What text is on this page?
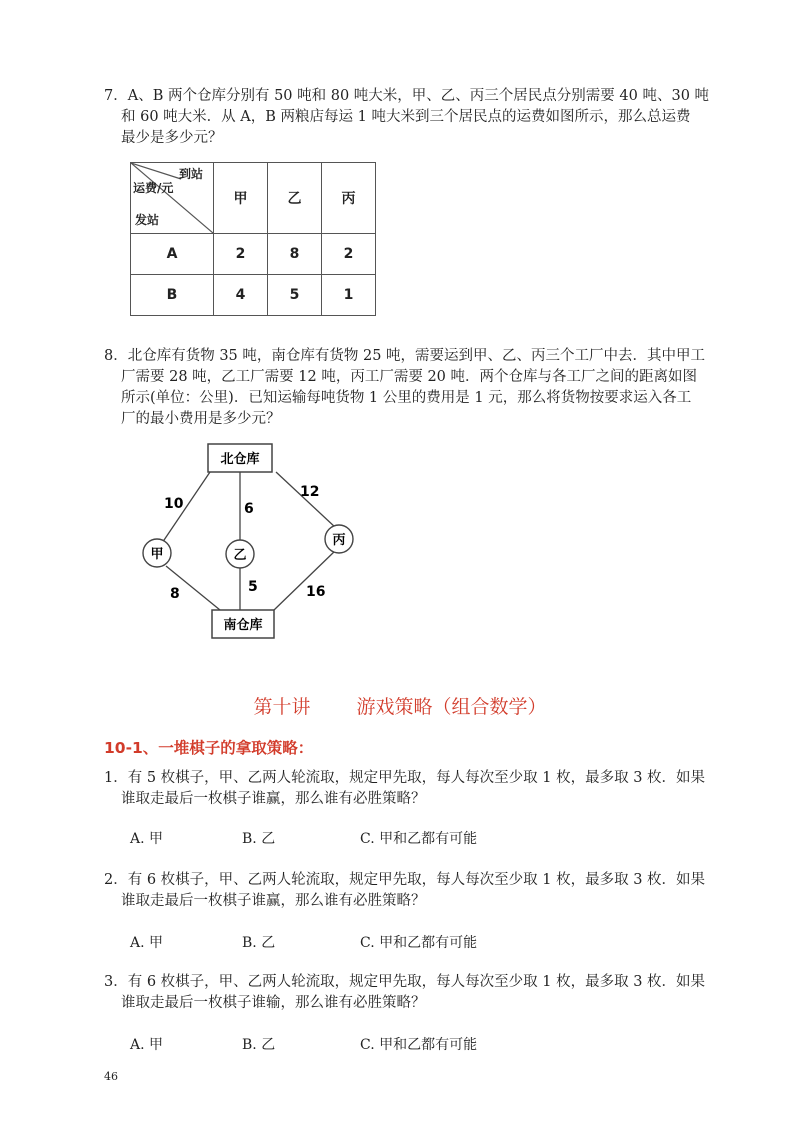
7．A、B 两个仓库分别有 50 吨和 80 吨大米，甲、乙、丙三个居民点分别需要 40 吨、30 吨

和 60 吨大米．从 A，B 两粮店每运 1 吨大米到三个居民点的运费如图所示，那么总运费

最少是多少元？

到站
运费/元
发站	甲	乙	丙
A	2	8	2
B	4	5	1

8．北仓库有货物 35 吨，南仓库有货物 25 吨，需要运到甲、乙、丙三个工厂中去．其中甲工

厂需要 28 吨，乙工厂需要 12 吨，丙工厂需要 20 吨．两个仓库与各工厂之间的距离如图

所示(单位：公里)．已知运输每吨货物 1 公里的费用是 1 元，那么将货物按要求运入各工

厂的最小费用是多少元？

北仓库
南仓库
甲	乙
丙
10	6
12
8	5	16
第十讲 游戏策略（组合数学）
10-1、一堆棋子的拿取策略：

1．有 5 枚棋子，甲、乙两人轮流取，规定甲先取，每人每次至少取 1 枚，最多取 3 枚．如果

谁取走最后一枚棋子谁赢，那么谁有必胜策略？

A. 甲	B. 乙	C. 甲和乙都有可能

2．有 6 枚棋子，甲、乙两人轮流取，规定甲先取，每人每次至少取 1 枚，最多取 3 枚．如果

谁取走最后一枚棋子谁赢，那么谁有必胜策略？

A. 甲	B. 乙	C. 甲和乙都有可能

3．有 6 枚棋子，甲、乙两人轮流取，规定甲先取，每人每次至少取 1 枚，最多取 3 枚．如果

谁取走最后一枚棋子谁输，那么谁有必胜策略？

A. 甲	B. 乙	C. 甲和乙都有可能
46
